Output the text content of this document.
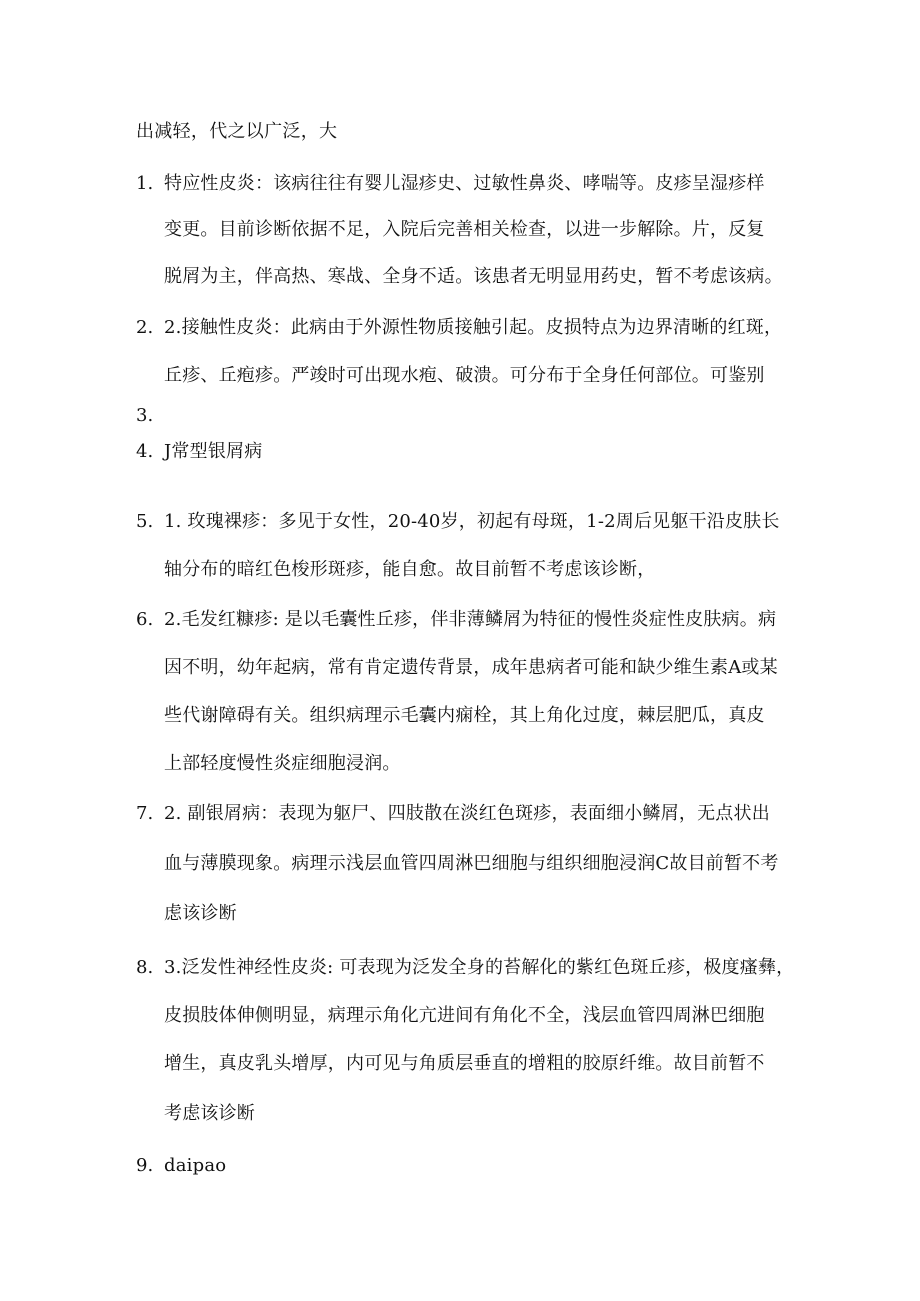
出减轻，代之以广泛，大
1. 特应性皮炎：该病往往有婴儿湿疹史、过敏性鼻炎、哮喘等。皮疹呈湿疹样
变更。目前诊断依据不足，入院后完善相关检查，以进一步解除。片，反复
脱屑为主，伴高热、寒战、全身不适。该患者无明显用药史，暂不考虑该病。
2. 2.接触性皮炎：此病由于外源性物质接触引起。皮损特点为边界清晰的红斑，
丘疹、丘疱疹。严竣时可出现水疱、破溃。可分布于全身任何部位。可鉴别
3.
4. J常型银屑病
5. 1. 玫瑰裸疹：多见于女性，20-40岁，初起有母斑，1-2周后见躯干沿皮肤长
轴分布的暗红色梭形斑疹，能自愈。故目前暂不考虑该诊断，
6. 2.毛发红糠疹: 是以毛囊性丘疹，伴非薄鳞屑为特征的慢性炎症性皮肤病。病
因不明，幼年起病，常有肯定遗传背景，成年患病者可能和缺少维生素A或某
些代谢障碍有关。组织病理示毛囊内痫栓，其上角化过度，棘层肥瓜，真皮
上部轻度慢性炎症细胞浸润。
7. 2. 副银屑病：表现为躯尸、四肢散在淡红色斑疹，表面细小鳞屑，无点状出
血与薄膜现象。病理示浅层血管四周淋巴细胞与组织细胞浸润C故目前暂不考
虑该诊断
8. 3.泛发性神经性皮炎: 可表现为泛发全身的苔解化的紫红色斑丘疹，极度瘙彝，
皮损肢体伸侧明显，病理示角化亢进间有角化不全，浅层血管四周淋巴细胞
增生，真皮乳头增厚，内可见与角质层垂直的增粗的胶原纤维。故目前暂不
考虑该诊断
9. daipao
